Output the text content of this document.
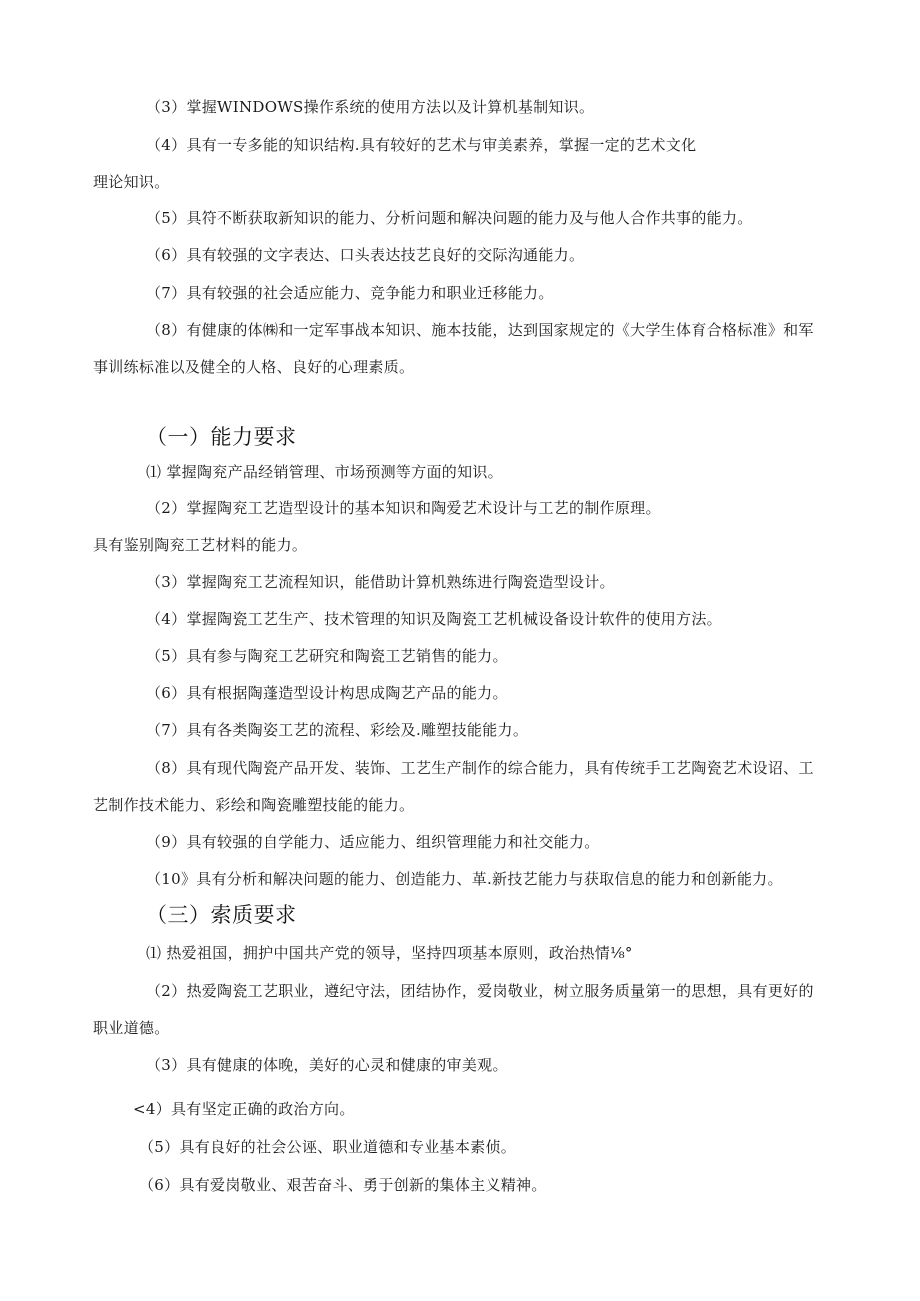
（3）掌握WINDOWS操作系统的使用方法以及计算机基制知识。
（4）具有一专多能的知识结构.具有较好的艺术与审美素养，掌握一定的艺术文化
理论知识。
（5）具符不断获取新知识的能力、分析问题和解决问题的能力及与他人合作共事的能力。
（6）具有较强的文字表达、口头表达技艺良好的交际沟通能力。
（7）具有较强的社会适应能力、竞争能力和职业迁移能力。
（8）有健康的体㈱和一定军事战本知识、施本技能，达到国家规定的《大学生体育合格标准》和军
事训练标准以及健全的人格、良好的心理素质。
（一）能力要求
⑴ 掌握陶兖产品经销管理、市场预测等方面的知识。
（2）掌握陶兖工艺造型设计的基本知识和陶爱艺术设计与工艺的制作原理。
具有鉴别陶兖工艺材料的能力。
（3）掌握陶兖工艺流程知识，能借助计算机熟练进行陶瓷造型设计。
（4）掌握陶瓷工艺生产、技术管理的知识及陶瓷工艺机械设备设计软件的使用方法。
（5）具有参与陶兖工艺研究和陶瓷工艺销售的能力。
（6）具有根据陶蓬造型设计构思成陶艺产品的能力。
（7）具有各类陶姿工艺的流程、彩绘及.雕塑技能能力。
（8）具有现代陶瓷产品开发、装饰、工艺生产制作的综合能力，具有传统手工艺陶瓷艺术设诏、工
艺制作技术能力、彩绘和陶瓷雕塑技能的能力。
（9）具有较强的自学能力、适应能力、组织管理能力和社交能力。
（10》具有分析和解决问题的能力、创造能力、革.新技艺能力与获取信息的能力和创新能力。
（三）索质要求
⑴ 热爱祖国，拥护中国共产党的领导，坚持四项基本原则，政治热情⅛°
（2）热爱陶瓷工艺职业，遵纪守法，团结协作，爱岗敬业，树立服务质量第一的思想，具有更好的
职业道德。
（3）具有健康的体晚，美好的心灵和健康的审美观。
<4）具有坚定正确的政治方向。
（5）具有良好的社会公诬、职业道德和专业基本素侦。
（6）具有爱岗敬业、艰苦奋斗、勇于创新的集体主义精神。
